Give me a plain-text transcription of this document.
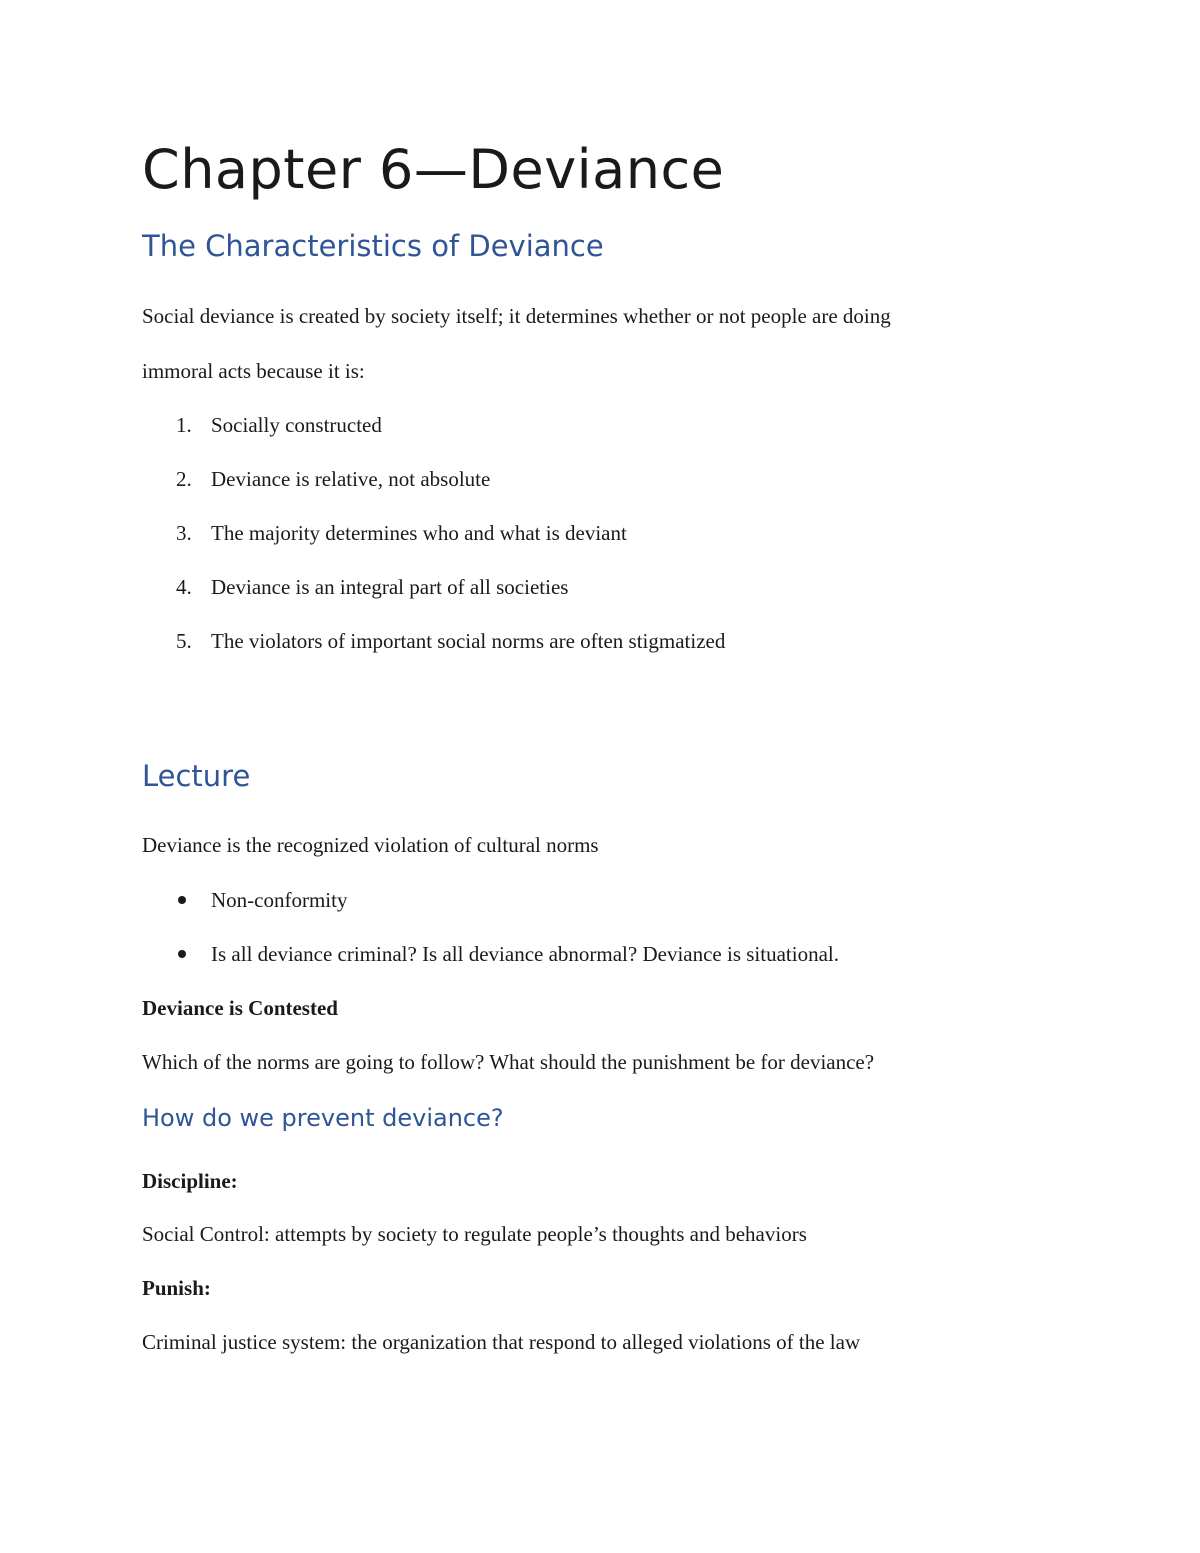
Chapter 6—Deviance
The Characteristics of Deviance

Social deviance is created by society itself; it determines whether or not people are doing

immoral acts because it is:

1. Socially constructed
2. Deviance is relative, not absolute
3. The majority determines who and what is deviant
4. Deviance is an integral part of all societies
5. The violators of important social norms are often stigmatized
Lecture

Deviance is the recognized violation of cultural norms

Non-conformity
Is all deviance criminal? Is all deviance abnormal? Deviance is situational.

Deviance is Contested

Which of the norms are going to follow? What should the punishment be for deviance?

How do we prevent deviance?

Discipline:

Social Control: attempts by society to regulate people’s thoughts and behaviors

Punish:

Criminal justice system: the organization that respond to alleged violations of the law
